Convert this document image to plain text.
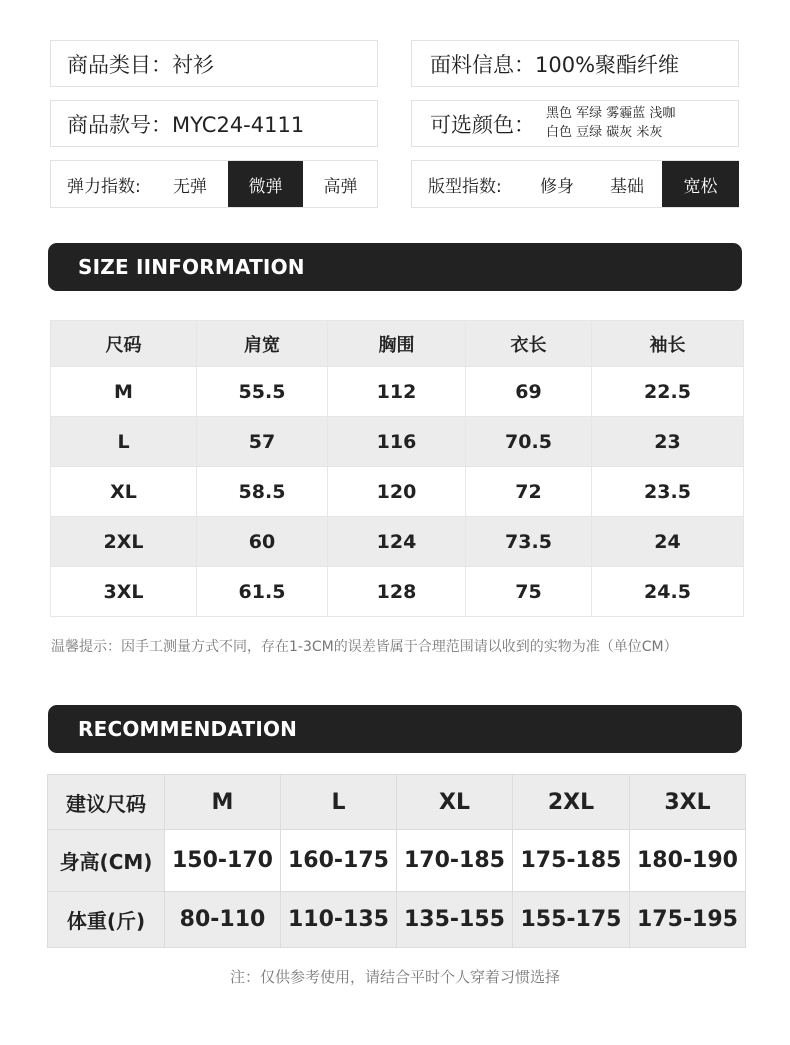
商品类目：衬衫	面料信息：100%聚酯纤维
商品款号：MYC24-4111	可选颜色： 黑色 军绿 雾霾蓝 浅咖
白色 豆绿 碳灰 米灰
弹力指数:	无弹	微弹	高弹	版型指数:	修身	基础	宽松
SIZE IINFORMATION
尺码	肩宽	胸围	衣长	袖长
M	55.5	112	69	22.5
L	57	116	70.5	23
XL	58.5	120	72	23.5
2XL	60	124	73.5	24
3XL	61.5	128	75	24.5
温馨提示：因手工测量方式不同，存在1-3CM的误差皆属于合理范围请以收到的实物为准（单位CM）
RECOMMENDATION
建议尺码	M	L	XL	2XL	3XL
身高(CM)	150-170	160-175	170-185	175-185	180-190
体重(斤)	80-110	110-135	135-155	155-175	175-195
注：仅供参考使用，请结合平时个人穿着习惯选择
